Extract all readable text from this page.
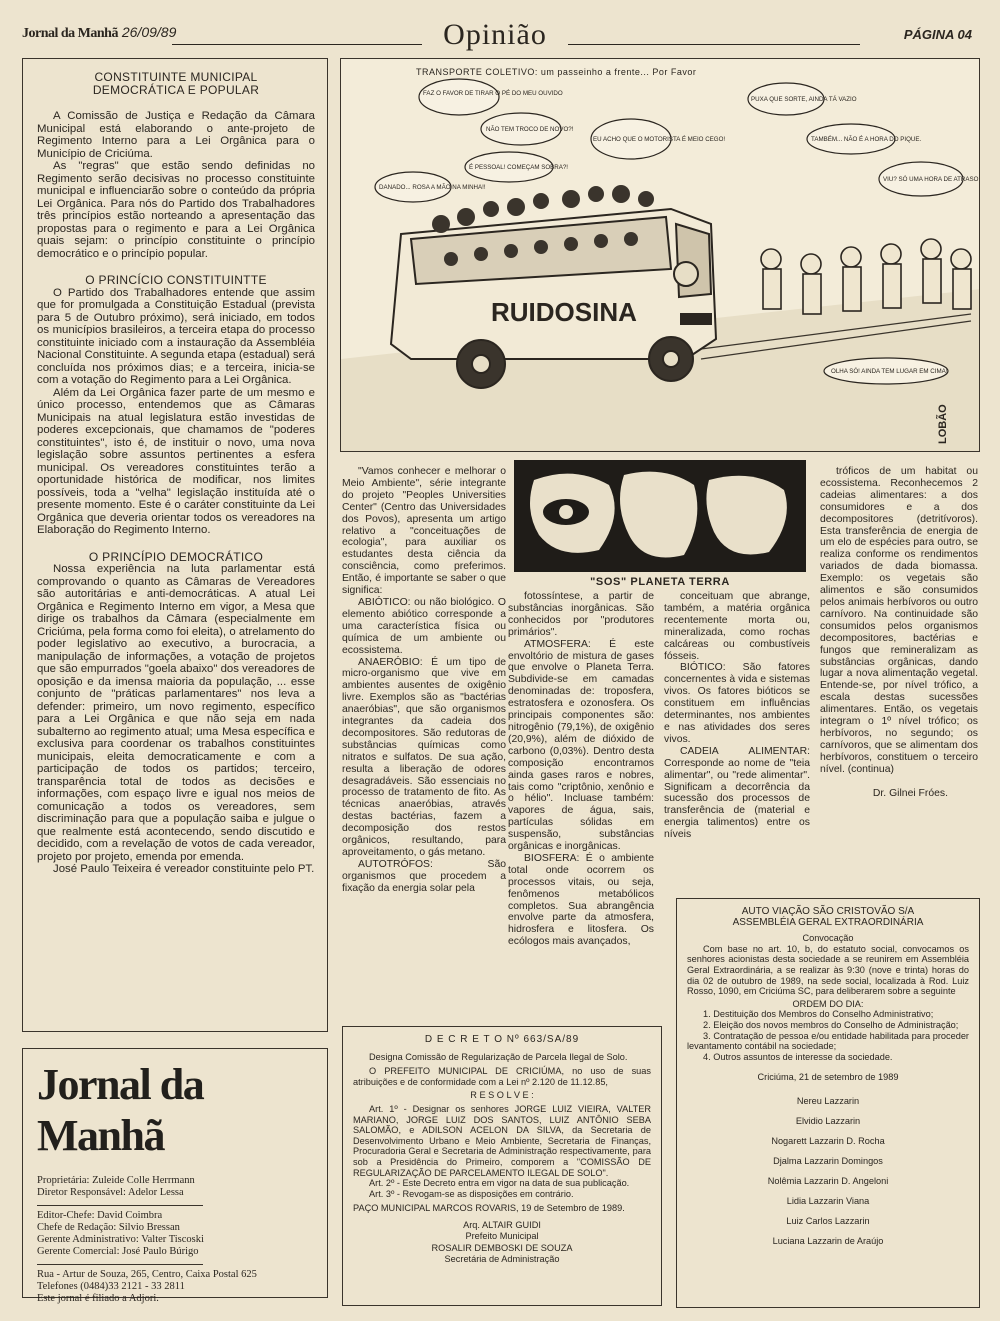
Jornal da Manhã 26/09/89	Opinião	PÁGINA 04
CONSTITUINTE MUNICIPAL DEMOCRÁTICA E POPULAR

A Comissão de Justiça e Redação da Câmara Municipal está elaborando o ante-projeto de Regimento Interno para a Lei Orgânica para o Município de Criciúma.

As "regras" que estão sendo definidas no Regimento serão decisivas no processo constituinte municipal e influenciarão sobre o conteúdo da própria Lei Orgânica. Para nós do Partido dos Trabalhadores três princípios estão norteando a apresentação das propostas para o regimento e para a Lei Orgânica quais sejam: o princípio constituinte o princípio democrático e o princípio popular.

O PRINCÍCIO CONSTITUINTTE

O Partido dos Trabalhadores entende que assim que for promulgada a Constituição Estadual (prevista para 5 de Outubro próximo), será iniciado, em todos os municípios brasileiros, a terceira etapa do processo constituinte iniciado com a instauração da Assembléia Nacional Constituinte. A segunda etapa (estadual) será concluída nos próximos dias; e a terceira, inicia-se com a votação do Regimento para a Lei Orgânica.

Além da Lei Orgânica fazer parte de um mesmo e único processo, entendemos que as Câmaras Municipais na atual legislatura estão investidas de poderes excepcionais, que chamamos de "poderes constituintes", isto é, de instituir o novo, uma nova legislação sobre assuntos pertinentes a esfera municipal. Os vereadores constituintes terão a oportunidade histórica de modificar, nos limites possíveis, toda a "velha" legislação instituída até o presente momento. Este é o caráter constituinte da Lei Orgânica que deveria orientar todos os vereadores na Elaboração do Regimento Interno.

O PRINCÍPIO DEMOCRÁTICO

Nossa experiência na luta parlamentar está comprovando o quanto as Câmaras de Vereadores são autoritárias e anti-democráticas. A atual Lei Orgânica e Regimento Interno em vigor, a Mesa que dirige os trabalhos da Câmara (especialmente em Criciúma, pela forma como foi eleita), o atrelamento do poder legislativo ao executivo, a burocracia, a manipulação de informações, a votação de projetos que são empurrados "goela abaixo" dos vereadores de oposição e da imensa maioria da população, ... esse conjunto de "práticas parlamentares" nos leva a defender: primeiro, um novo regimento, específico para a Lei Orgânica e que não seja em nada subalterno ao regimento atual; uma Mesa específica e exclusiva para coordenar os trabalhos constituintes municipais, eleita democraticamente e com a participação de todos os partidos; terceiro, transparência total de todos as decisões e informações, com espaço livre e igual nos meios de comunicação a todos os vereadores, sem discriminação para que a população saiba e julgue o que realmente está acontecendo, sendo discutido e decidido, com a revelação de votos de cada vereador, projeto por projeto, emenda por emenda.

José Paulo Teixeira é vereador constituinte pelo PT.

TRANSPORTE COLETIVO: um passeinho a frente... Por Favor
RUIDOSINA
FAZ O FAVOR DE TIRAR O PÉ DO MEU OUVIDO
NÃO TEM TROCO DE NOVO?!
EU ACHO QUE O MOTORISTA É MEIO CEGO!
É PESSOAL! COMEÇAM SOBRA?!
DANADO... ROSA A MÃO NA MINHA!!
PUXA QUE SORTE, AINDA TÁ VAZIO
TAMBÉM... NÃO É A HORA DO PIQUE.
VIU? SÓ UMA HORA DE ATRASO!
OLHA SÓ! AINDA TEM LUGAR EM CIMA!
LOBÃO

"Vamos conhecer e melhorar o Meio Ambiente", série integrante do projeto "Peoples Universities Center" (Centro das Universidades dos Povos), apresenta um artigo relativo a "conceituações de ecologia", para auxiliar os estudantes desta ciência da consciência, como preferimos. Então, é importante se saber o que significa:

ABIÓTICO: ou não biológico. O elemento abiótico corresponde a uma característica física ou química de um ambiente ou ecossistema.

ANAERÓBIO: É um tipo de micro-organismo que vive em ambientes ausentes de oxigênio livre. Exemplos são as "bactérias anaeróbias", que são organismos integrantes da cadeia dos decompositores. São redutoras de substâncias químicas como nitratos e sulfatos. De sua ação, resulta a liberação de odores desagradáveis. São essenciais no processo de tratamento de fito. As técnicas anaeróbias, através destas bactérias, fazem a decomposição dos restos orgânicos, resultando, para aproveitamento, o gás metano.

AUTOTRÓFOS: São organismos que procedem a fixação da energia solar pela

"SOS" PLANETA TERRA

fotossíntese, a partir de substâncias inorgânicas. São conhecidos por "produtores primários".

ATMOSFERA: É este envoltório de mistura de gases que envolve o Planeta Terra. Subdivide-se em camadas denominadas de: troposfera, estratosfera e ozonosfera. Os principais componentes são: nitrogênio (79,1%), de oxigênio (20,9%), além de dióxido de carbono (0,03%). Dentro desta composição encontramos ainda gases raros e nobres, tais como "criptônio, xenônio e o hélio". Incluase também: vapores de água, sais, partículas sólidas em suspensão, substâncias orgânicas e inorgânicas.

BIOSFERA: É o ambiente total onde ocorrem os processos vitais, ou seja, fenômenos metabólicos completos. Sua abrangência envolve parte da atmosfera, hidrosfera e litosfera. Os ecólogos mais avançados,

conceituam que abrange, também, a matéria orgânica recentemente morta ou, mineralizada, como rochas calcáreas ou combustíveis fósseis.

BIÓTICO: São fatores concernentes à vida e sistemas vivos. Os fatores bióticos se constituem em influências determinantes, nos ambientes e nas atividades dos seres vivos.

CADEIA ALIMENTAR: Corresponde ao nome de "teia alimentar", ou "rede alimentar". Significam a decorrência da sucessão dos processos de transferência de (material e energia talimentos) entre os níveis

tróficos de um habitat ou ecossistema. Reconhecemos 2 cadeias alimentares: a dos consumidores e a dos decompositores (detritívoros). Esta transferência de energia de um elo de espécies para outro, se realiza conforme os rendimentos variados de dada biomassa. Exemplo: os vegetais são alimentos e são consumidos pelos animais herbívoros ou outro carnívoro. Na continuidade são consumidos pelos organismos decompositores, bactérias e fungos que remineralizam as substâncias orgânicas, dando lugar a nova alimentação vegetal. Entende-se, por nível trófico, a escala destas sucessões alimentares. Então, os vegetais integram o 1º nível trófico; os herbívoros, no segundo; os carnívoros, que se alimentam dos herbívoros, constituem o terceiro nível. (continua)

Dr. Gilnei Fróes.
Jornal da Manhã
Proprietária: Zuleide Colle Herrmann
Diretor Responsável: Adelor Lessa
Editor-Chefe: David Coimbra
Chefe de Redação: Silvio Bressan
Gerente Administrativo: Valter Tiscoski
Gerente Comercial: José Paulo Búrigo
Rua - Artur de Souza, 265, Centro, Caixa Postal 625
Telefones (0484)33 2121 - 33 2811
Este jornal é filiado a Adjori.
D E C R E T O Nº 663/SA/89
Designa Comissão de Regularização de Parcela Ilegal de Solo.
O PREFEITO MUNICIPAL DE CRICIÚMA, no uso de suas atribuições e de conformidade com a Lei nº 2.120 de 11.12.85,
R E S O L V E :
Art. 1º - Designar os senhores JORGE LUIZ VIEIRA, VALTER MARIANO, JORGE LUIZ DOS SANTOS, LUIZ ANTÔNIO SEBA SALOMÃO, e ADILSON ACELON DA SILVA, da Secretaria de Desenvolvimento Urbano e Meio Ambiente, Secretaria de Finanças, Procuradoria Geral e Secretaria de Administração respectivamente, para sob a Presidência do Primeiro, comporem a "COMISSÃO DE REGULARIZAÇÃO DE PARCELAMENTO ILEGAL DE SOLO".
Art. 2º - Este Decreto entra em vigor na data de sua publicação.
Art. 3º - Revogam-se as disposições em contrário.
PAÇO MUNICIPAL MARCOS ROVARIS, 19 de Setembro de 1989.
Arq. ALTAIR GUIDI
Prefeito Municipal
ROSALIR DEMBOSKI DE SOUZA
Secretária de Administração
AUTO VIAÇÃO SÃO CRISTOVÃO S/A
ASSEMBLÉIA GERAL EXTRAORDINÁRIA
Convocação
Com base no art. 10, b, do estatuto social, convocamos os senhores acionistas desta sociedade a se reunirem em Assembléia Geral Extraordinária, a se realizar às 9:30 (nove e trinta) horas do dia 02 de outubro de 1989, na sede social, localizada à Rod. Luiz Rosso, 1090, em Criciúma SC, para deliberarem sobre a seguinte
ORDEM DO DIA:
1. Destituição dos Membros do Conselho Administrativo;
2. Eleição dos novos membros do Conselho de Administração;
3. Contratação de pessoa e/ou entidade habilitada para proceder levantamento contábil na sociedade;
4. Outros assuntos de interesse da sociedade.
Criciúma, 21 de setembro de 1989
Nereu Lazzarin
Elvidio Lazzarin
Nogarett Lazzarin D. Rocha
Djalma Lazzarin Domingos
Nolêmia Lazzarin D. Angeloni
Lidia Lazzarin Viana
Luiz Carlos Lazzarin
Luciana Lazzarin de Araújo
